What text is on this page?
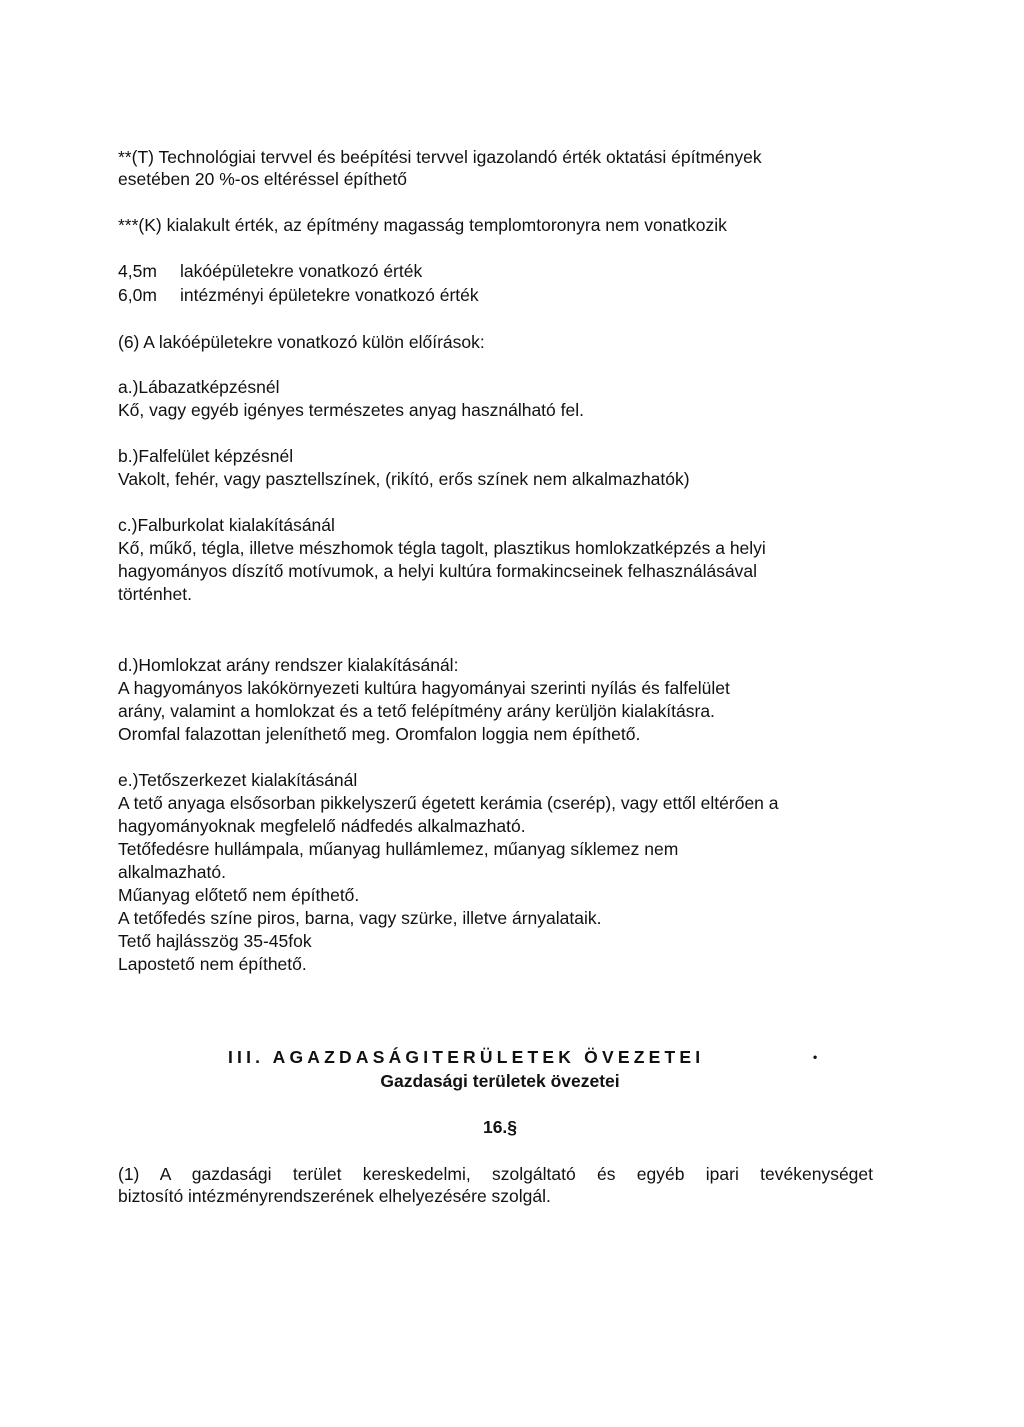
**(T) Technológiai tervvel és beépítési tervvel igazolandó érték oktatási építmények
esetében 20 %-os eltéréssel építhető
***(K) kialakult érték, az építmény magasság templomtoronyra nem vonatkozik
4,5m lakóépületekre vonatkozó érték
6,0m intézményi épületekre vonatkozó érték
(6) A lakóépületekre vonatkozó külön előírások:
a.)Lábazatképzésnél
Kő, vagy egyéb igényes természetes anyag használható fel.
b.)Falfelület képzésnél
Vakolt, fehér, vagy pasztellszínek, (rikító, erős színek nem alkalmazhatók)
c.)Falburkolat kialakításánál
Kő, műkő, tégla, illetve mészhomok tégla tagolt, plasztikus homlokzatképzés a helyi
hagyományos díszítő motívumok, a helyi kultúra formakincseinek felhasználásával
történhet.
d.)Homlokzat arány rendszer kialakításánál:
A hagyományos lakókörnyezeti kultúra hagyományai szerinti nyílás és falfelület
arány, valamint a homlokzat és a tető felépítmény arány kerüljön kialakításra.
Oromfal falazottan jeleníthető meg. Oromfalon loggia nem építhető.
e.)Tetőszerkezet kialakításánál
A tető anyaga elsősorban pikkelyszerű égetett kerámia (cserép), vagy ettől eltérően a
hagyományoknak megfelelő nádfedés alkalmazható.
Tetőfedésre hullámpala, műanyag hullámlemez, műanyag síklemez nem
alkalmazható.
Műanyag előtető nem építhető.
A tetőfedés színe piros, barna, vagy szürke, illetve árnyalataik.
Tető hajlásszög 35-45fok
Lapostető nem építhető.
III. AGAZDASÁGITERÜLETEK ÖVEZETEI	•
Gazdasági területek övezetei
16.§
(1) A gazdasági terület kereskedelmi, szolgáltató és egyéb ipari tevékenységet
biztosító intézményrendszerének elhelyezésére szolgál.
